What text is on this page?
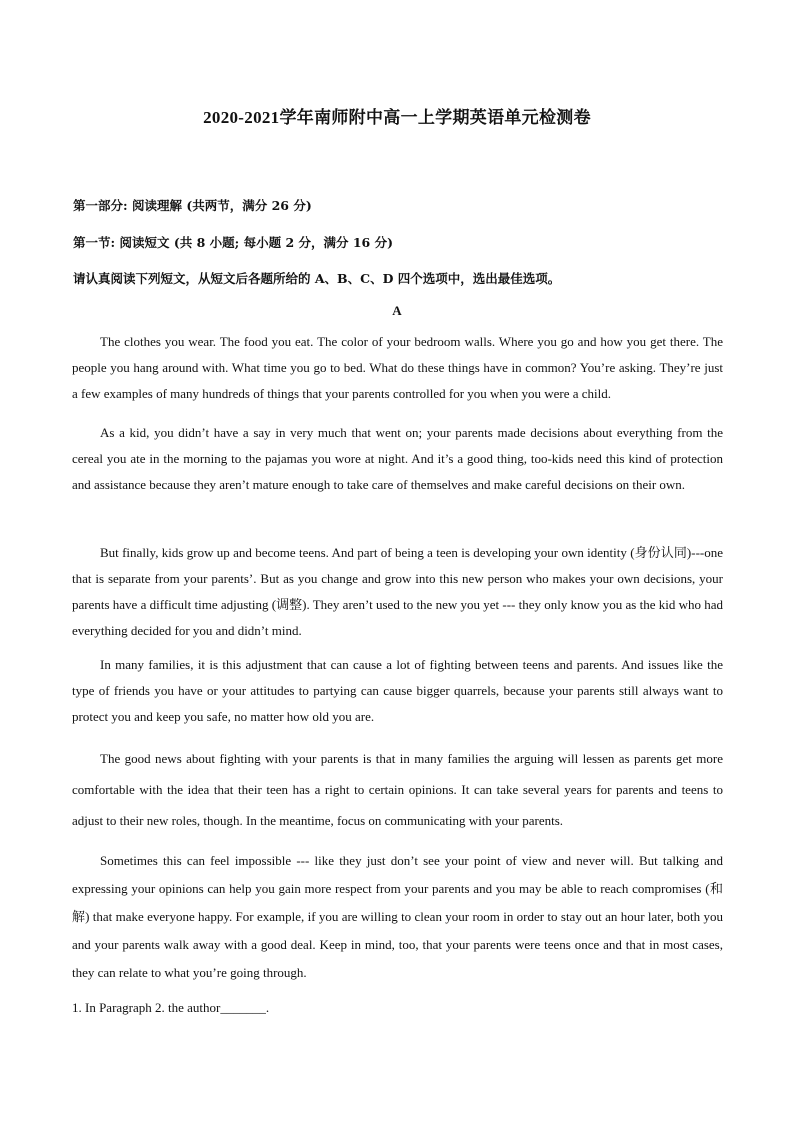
2020-2021学年南师附中高一上学期英语单元检测卷
第一部分: 阅读理解 (共两节，满分 26 分)
第一节: 阅读短文 (共 8 小题; 每小题 2 分，满分 16 分)
请认真阅读下列短文，从短文后各题所给的 A、B、C、D 四个选项中，选出最佳选项。
A

The clothes you wear. The food you eat. The color of your bedroom walls. Where you go and how you get there. The people you hang around with. What time you go to bed. What do these things have in common? You’re asking. They’re just a few examples of many hundreds of things that your parents controlled for you when you were a child.

As a kid, you didn’t have a say in very much that went on; your parents made decisions about everything from the cereal you ate in the morning to the pajamas you wore at night. And it’s a good thing, too-kids need this kind of protection and assistance because they aren’t mature enough to take care of themselves and make careful decisions on their own.

But finally, kids grow up and become teens. And part of being a teen is developing your own identity (身份认同)---one that is separate from your parents’. But as you change and grow into this new person who makes your own decisions, your parents have a difficult time adjusting (调整). They aren’t used to the new you yet --- they only know you as the kid who had everything decided for you and didn’t mind.

In many families, it is this adjustment that can cause a lot of fighting between teens and parents. And issues like the type of friends you have or your attitudes to partying can cause bigger quarrels, because your parents still always want to protect you and keep you safe, no matter how old you are.

The good news about fighting with your parents is that in many families the arguing will lessen as parents get more comfortable with the idea that their teen has a right to certain opinions. It can take several years for parents and teens to adjust to their new roles, though. In the meantime, focus on communicating with your parents.

Sometimes this can feel impossible --- like they just don’t see your point of view and never will. But talking and expressing your opinions can help you gain more respect from your parents and you may be able to reach compromises (和解) that make everyone happy. For example, if you are willing to clean your room in order to stay out an hour later, both you and your parents walk away with a good deal. Keep in mind, too, that your parents were teens once and that in most cases, they can relate to what you’re going through.

1. In Paragraph 2. the author_______.
